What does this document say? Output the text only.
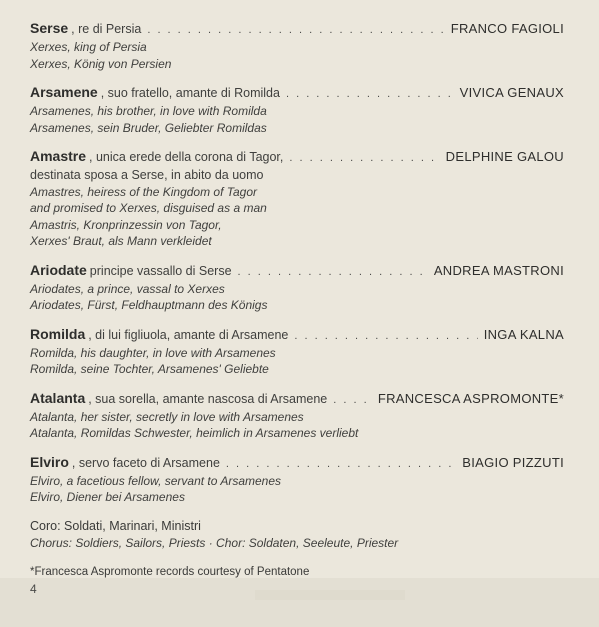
Serse , re di Persia . . .	FRANCO FAGIOLI
Xerxes, king of Persia
Xerxes, König von Persien
Arsamene , suo fratello, amante di Romilda . . .	VIVICA GENAUX
Arsamenes, his brother, in love with Romilda
Arsamenes, sein Bruder, Geliebter Romildas
Amastre , unica erede della corona di Tagor, . . .	DELPHINE GALOU
destinata sposa a Serse, in abito da uomo
Amastres, heiress of the Kingdom of Tagor
and promised to Xerxes, disguised as a man
Amastris, Kronprinzessin von Tagor,
Xerxes' Braut, als Mann verkleidet
Ariodate principe vassallo di Serse . . .	ANDREA MASTRONI
Ariodates, a prince, vassal to Xerxes
Ariodates, Fürst, Feldhauptmann des Königs
Romilda , di lui figliuola, amante di Arsamene . . .	INGA KALNA
Romilda, his daughter, in love with Arsamenes
Romilda, seine Tochter, Arsamenes' Geliebte
Atalanta , sua sorella, amante nascosa di Arsamene . . .	FRANCESCA ASPROMONTE*
Atalanta, her sister, secretly in love with Arsamenes
Atalanta, Romildas Schwester, heimlich in Arsamenes verliebt
Elviro , servo faceto di Arsamene . . .	BIAGIO PIZZUTI
Elviro, a facetious fellow, servant to Arsamenes
Elviro, Diener bei Arsamenes
Coro: Soldati, Marinari, Ministri
Chorus: Soldiers, Sailors, Priests · Chor: Soldaten, Seeleute, Priester
*Francesca Aspromonte records courtesy of Pentatone
4
